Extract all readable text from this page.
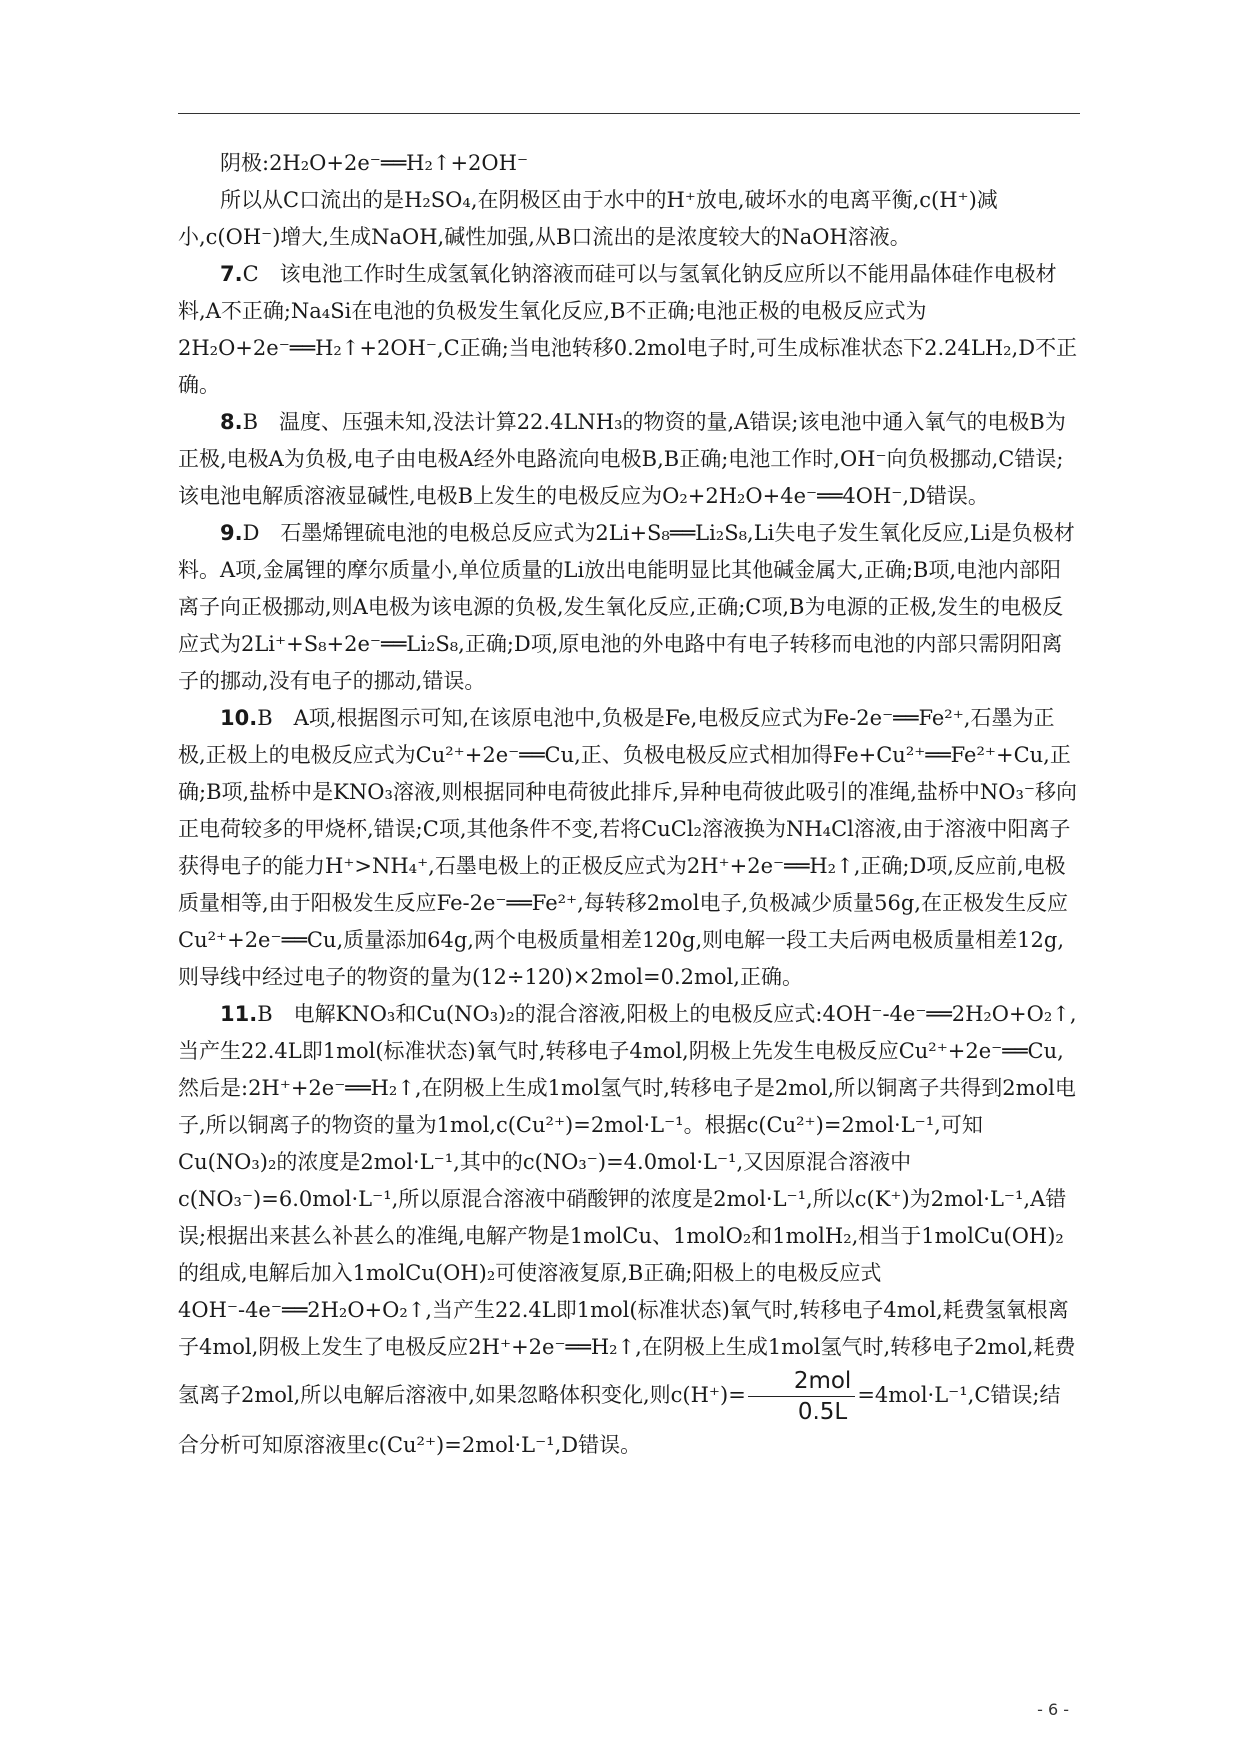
阴极:2H₂O+2e⁻══H₂↑+2OH⁻

所以从C口流出的是H₂SO₄,在阴极区由于水中的H⁺放电,破坏水的电离平衡,c(H⁺)减小,c(OH⁻)增大,生成NaOH,碱性加强,从B口流出的是浓度较大的NaOH溶液。

7.C　该电池工作时生成氢氧化钠溶液而硅可以与氢氧化钠反应所以不能用晶体硅作电极材料,A不正确;Na₄Si在电池的负极发生氧化反应,B不正确;电池正极的电极反应式为2H₂O+2e⁻══H₂↑+2OH⁻,C正确;当电池转移0.2mol电子时,可生成标准状态下2.24LH₂,D不正确。

8.B　温度、压强未知,没法计算22.4LNH₃的物资的量,A错误;该电池中通入氧气的电极B为正极,电极A为负极,电子由电极A经外电路流向电极B,B正确;电池工作时,OH⁻向负极挪动,C错误;该电池电解质溶液显碱性,电极B上发生的电极反应为O₂+2H₂O+4e⁻══4OH⁻,D错误。

9.D　石墨烯锂硫电池的电极总反应式为2Li+S₈══Li₂S₈,Li失电子发生氧化反应,Li是负极材料。A项,金属锂的摩尔质量小,单位质量的Li放出电能明显比其他碱金属大,正确;B项,电池内部阳离子向正极挪动,则A电极为该电源的负极,发生氧化反应,正确;C项,B为电源的正极,发生的电极反应式为2Li⁺+S₈+2e⁻══Li₂S₈,正确;D项,原电池的外电路中有电子转移而电池的内部只需阴阳离子的挪动,没有电子的挪动,错误。

10.B　A项,根据图示可知,在该原电池中,负极是Fe,电极反应式为Fe-2e⁻══Fe²⁺,石墨为正极,正极上的电极反应式为Cu²⁺+2e⁻══Cu,正、负极电极反应式相加得Fe+Cu²⁺══Fe²⁺+Cu,正确;B项,盐桥中是KNO₃溶液,则根据同种电荷彼此排斥,异种电荷彼此吸引的准绳,盐桥中NO₃⁻移向正电荷较多的甲烧杯,错误;C项,其他条件不变,若将CuCl₂溶液换为NH₄Cl溶液,由于溶液中阳离子获得电子的能力H⁺>NH₄⁺,石墨电极上的正极反应式为2H⁺+2e⁻══H₂↑,正确;D项,反应前,电极质量相等,由于阳极发生反应Fe-2e⁻══Fe²⁺,每转移2mol电子,负极减少质量56g,在正极发生反应Cu²⁺+2e⁻══Cu,质量添加64g,两个电极质量相差120g,则电解一段工夫后两电极质量相差12g,则导线中经过电子的物资的量为(12÷120)×2mol=0.2mol,正确。

11.B　电解KNO₃和Cu(NO₃)₂的混合溶液,阳极上的电极反应式:4OH⁻-4e⁻══2H₂O+O₂↑,当产生22.4L即1mol(标准状态)氧气时,转移电子4mol,阴极上先发生电极反应Cu²⁺+2e⁻══Cu,然后是:2H⁺+2e⁻══H₂↑,在阴极上生成1mol氢气时,转移电子是2mol,所以铜离子共得到2mol电子,所以铜离子的物资的量为1mol,c(Cu²⁺)=2mol·L⁻¹。根据c(Cu²⁺)=2mol·L⁻¹,可知Cu(NO₃)₂的浓度是2mol·L⁻¹,其中的c(NO₃⁻)=4.0mol·L⁻¹,又因原混合溶液中c(NO₃⁻)=6.0mol·L⁻¹,所以原混合溶液中硝酸钾的浓度是2mol·L⁻¹,所以c(K⁺)为2mol·L⁻¹,A错误;根据出来甚么补甚么的准绳,电解产物是1molCu、1molO₂和1molH₂,相当于1molCu(OH)₂的组成,电解后加入1molCu(OH)₂可使溶液复原,B正确;阳极上的电极反应式4OH⁻-4e⁻══2H₂O+O₂↑,当产生22.4L即1mol(标准状态)氧气时,转移电子4mol,耗费氢氧根离子4mol,阴极上发生了电极反应2H⁺+2e⁻══H₂↑,在阴极上生成1mol氢气时,转移电子2mol,耗费氢离子2mol,所以电解后溶液中,如果忽略体积变化,则$c(H^+)= \frac{\text{2mol}}{0.5L} =4mol\cdot L^{-1},C$错误;结合分析可知原溶液里c(Cu²⁺)=2mol·L⁻¹,D错误。

- 6 -
